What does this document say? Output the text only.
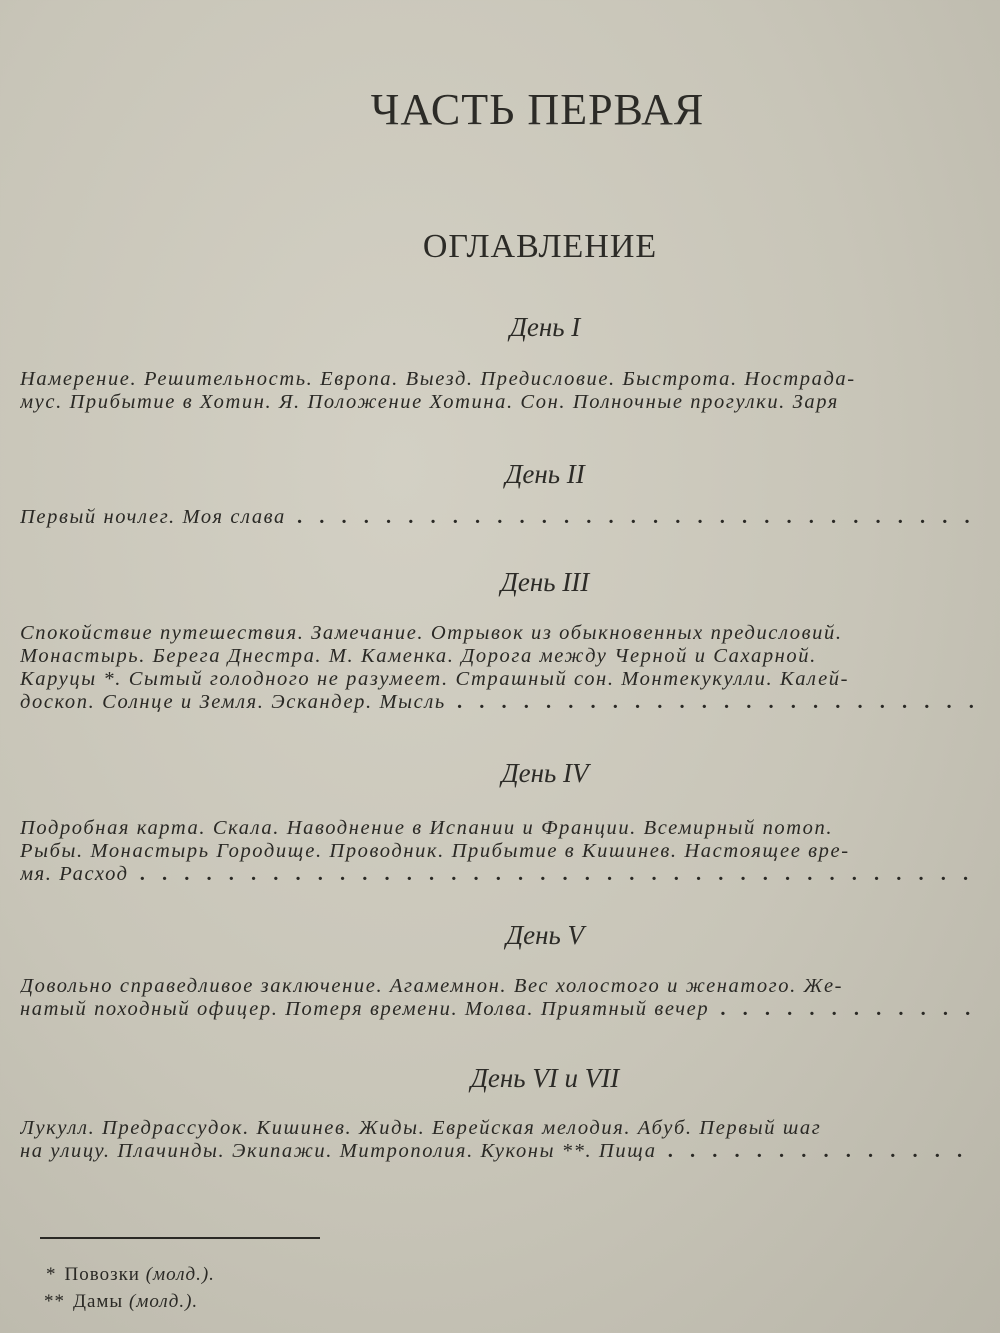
ЧАСТЬ ПЕРВАЯ
ОГЛАВЛЕНИЕ
День I
Намерение. Решительность. Европа. Выезд. Предисловие. Быстрота. Нострада-
мус. Прибытие в Хотин. Я. Положение Хотина. Сон. Полночные прогулки. Заря
День II
Первый ночлег. Моя слава . . .
День III
Спокойствие путешествия. Замечание. Отрывок из обыкновенных предисловий.
Монастырь. Берега Днестра. М. Каменка. Дорога между Черной и Сахарной.
Каруцы *. Сытый голодного не разумеет. Страшный сон. Монтекукулли. Калей-
доскоп. Солнце и Земля. Эскандер. Мысль . . .
День IV
Подробная карта. Скала. Наводнение в Испании и Франции. Всемирный потоп.
Рыбы. Монастырь Городище. Проводник. Прибытие в Кишинев. Настоящее вре-
мя. Расход . . .
День V
Довольно справедливое заключение. Агамемнон. Вес холостого и женатого. Же-
натый походный офицер. Потеря времени. Молва. Приятный вечер . . .
День VI и VII
Лукулл. Предрассудок. Кишинев. Жиды. Еврейская мелодия. Абуб. Первый шаг
на улицу. Плачинды. Экипажи. Митрополия. Куконы **. Пища . . .
* Повозки (молд.).
** Дамы (молд.).
